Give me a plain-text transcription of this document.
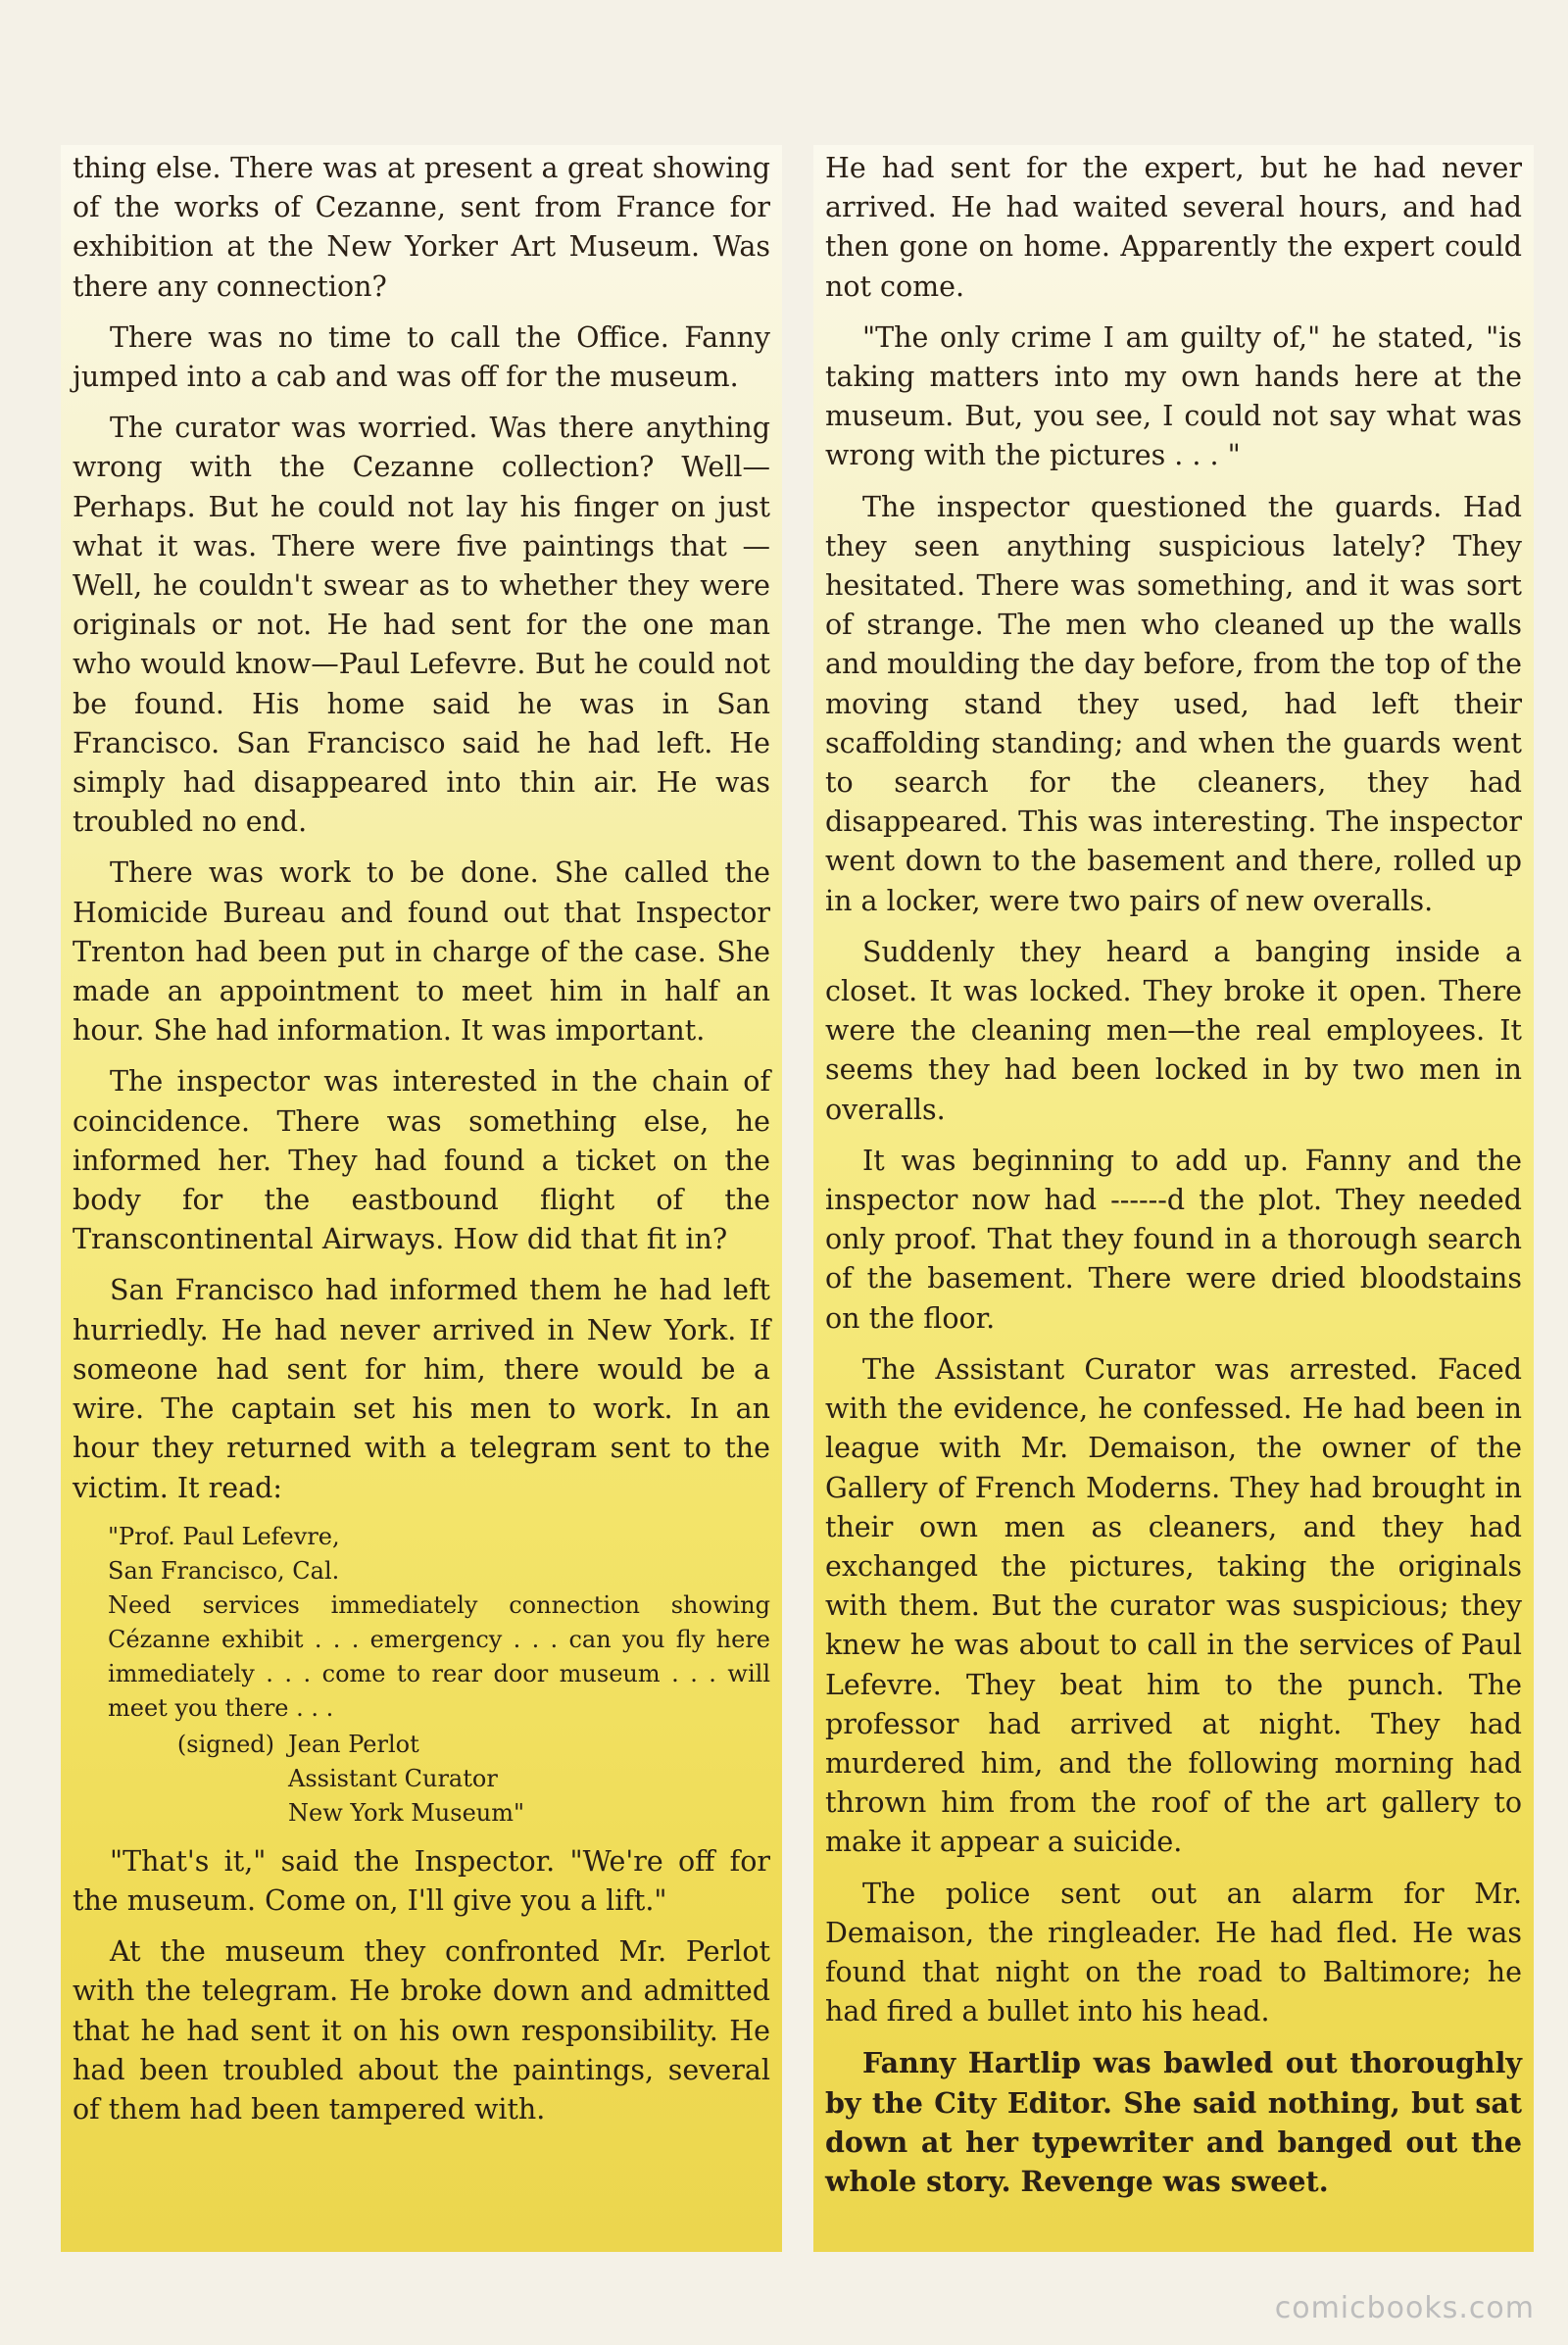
thing else. There was at present a great showing of the works of Cezanne, sent from France for exhibition at the New Yorker Art Museum. Was there any connection?

There was no time to call the Office. Fanny jumped into a cab and was off for the museum.

The curator was worried. Was there anything wrong with the Cezanne collection? Well—Perhaps. But he could not lay his finger on just what it was. There were five paintings that — Well, he couldn't swear as to whether they were originals or not. He had sent for the one man who would know—Paul Lefevre. But he could not be found. His home said he was in San Francisco. San Francisco said he had left. He simply had disappeared into thin air. He was troubled no end.

There was work to be done. She called the Homicide Bureau and found out that Inspector Trenton had been put in charge of the case. She made an appointment to meet him in half an hour. She had information. It was important.

The inspector was interested in the chain of coincidence. There was something else, he informed her. They had found a ticket on the body for the eastbound flight of the Transcontinental Airways. How did that fit in?

San Francisco had informed them he had left hurriedly. He had never arrived in New York. If someone had sent for him, there would be a wire. The captain set his men to work. In an hour they returned with a telegram sent to the victim. It read:

"Prof. Paul Lefevre,
San Francisco, Cal.
Need services immediately connection showing Cézanne exhibit . . . emergency . . . can you fly here immediately . . . come to rear door museum . . . will meet you there . . .
(signed) Jean Perlot
Assistant Curator
New York Museum"

"That's it," said the Inspector. "We're off for the museum. Come on, I'll give you a lift."

At the museum they confronted Mr. Perlot with the telegram. He broke down and admitted that he had sent it on his own responsibility. He had been troubled about the paintings, several of them had been tampered with.

He had sent for the expert, but he had never arrived. He had waited several hours, and had then gone on home. Apparently the expert could not come.

"The only crime I am guilty of," he stated, "is taking matters into my own hands here at the museum. But, you see, I could not say what was wrong with the pictures . . . "

The inspector questioned the guards. Had they seen anything suspicious lately? They hesitated. There was something, and it was sort of strange. The men who cleaned up the walls and moulding the day before, from the top of the moving stand they used, had left their scaffolding standing; and when the guards went to search for the cleaners, they had disappeared. This was interesting. The inspector went down to the basement and there, rolled up in a locker, were two pairs of new overalls.

Suddenly they heard a banging inside a closet. It was locked. They broke it open. There were the cleaning men—the real employees. It seems they had been locked in by two men in overalls.

It was beginning to add up. Fanny and the inspector now had ------d the plot. They needed only proof. That they found in a thorough search of the basement. There were dried bloodstains on the floor.

The Assistant Curator was arrested. Faced with the evidence, he confessed. He had been in league with Mr. Demaison, the owner of the Gallery of French Moderns. They had brought in their own men as cleaners, and they had exchanged the pictures, taking the originals with them. But the curator was suspicious; they knew he was about to call in the services of Paul Lefevre. They beat him to the punch. The professor had arrived at night. They had murdered him, and the following morning had thrown him from the roof of the art gallery to make it appear a suicide.

The police sent out an alarm for Mr. Demaison, the ringleader. He had fled. He was found that night on the road to Baltimore; he had fired a bullet into his head.

Fanny Hartlip was bawled out thoroughly by the City Editor. She said nothing, but sat down at her typewriter and banged out the whole story. Revenge was sweet.

comicbooks.com
